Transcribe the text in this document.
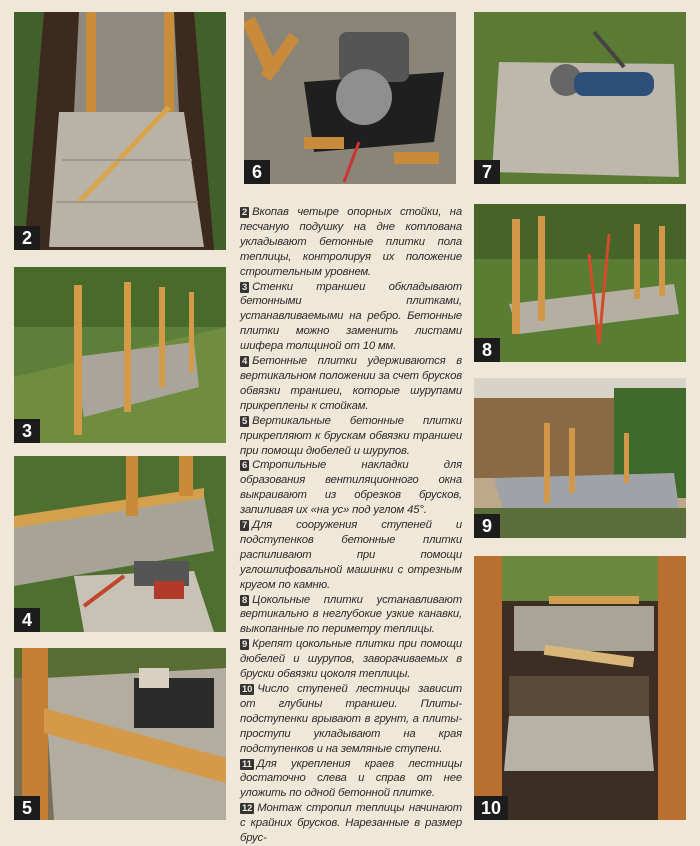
2
3
4
5
6	7
8
9
10

2 Вкопав четыре опорных стойки, на песчаную подушку на дне котлована укладывают бетонные плитки пола теплицы, контролируя их положение строительным уровнем.

3 Стенки траншеи обкладывают бетонными плитками, устанавливаемыми на ребро. Бетонные плитки можно заменить листами шифера толщиной от 10 мм.

4 Бетонные плитки удерживаются в вертикальном положении за счет брусков обвязки траншеи, которые шурупами прикреплены к стойкам.

5 Вертикальные бетонные плитки прикрепляют к брускам обвязки траншеи при помощи дюбелей и шурупов.

6 Стропильные накладки для образования вентиляционного окна выкраивают из обрезков брусков, запиливая их «на ус» под углом 45°.

7 Для сооружения ступеней и подступенков бетонные плитки распиливают при помощи углошлифовальной машинки с отрезным кругом по камню.

8 Цокольные плитки устанавливают вертикально в неглубокие узкие канавки, выкопанные по периметру теплицы.

9 Крепят цокольные плитки при помощи дюбелей и шурупов, заворачиваемых в бруски обвязки цоколя теплицы.

10 Число ступеней лестницы зависит от глубины траншеи. Плиты-подступенки врывают в грунт, а плиты-проступи укладывают на края подступенков и на земляные ступени.

11 Для укрепления краев лестницы достаточно слева и справ от нее уложить по одной бетонной плитке.

12 Монтаж стропил теплицы начинают с крайних брусков. Нарезанные в размер брус-
